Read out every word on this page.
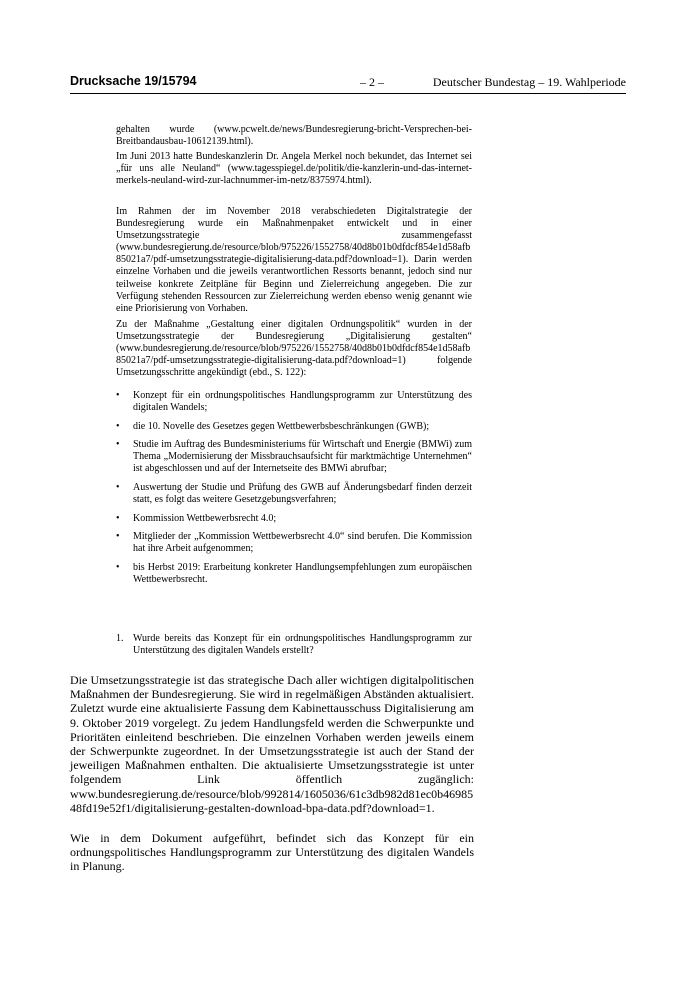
Drucksache 19/15794	– 2 –	Deutscher Bundestag – 19. Wahlperiode

gehalten wurde (www.pcwelt.de/news/Bundesregierung-bricht-Versprechen-bei-Breitbandausbau-10612139.html).

Im Juni 2013 hatte Bundeskanzlerin Dr. Angela Merkel noch bekundet, das Internet sei „für uns alle Neuland“ (www.tagesspiegel.de/politik/die-kanzlerin-und-das-internet-merkels-neuland-wird-zur-lachnummer-im-netz/8375974.html).

Im Rahmen der im November 2018 verabschiedeten Digitalstrategie der Bundesregierung wurde ein Maßnahmenpaket entwickelt und in einer Umsetzungsstrategie zusammengefasst (www.bundesregierung.de/resource/blob/975226/1552758/40d8b01b0dfdcf854e1d58afb85021a7/pdf-umsetzungsstrategie-digitalisierung-data.pdf?download=1). Darin werden einzelne Vorhaben und die jeweils verantwortlichen Ressorts benannt, jedoch sind nur teilweise konkrete Zeitpläne für Beginn und Zielerreichung angegeben. Die zur Verfügung stehenden Ressourcen zur Zielerreichung werden ebenso wenig genannt wie eine Priorisierung von Vorhaben.

Zu der Maßnahme „Gestaltung einer digitalen Ordnungspolitik“ wurden in der Umsetzungsstrategie der Bundesregierung „Digitalisierung gestalten“ (www.bundesregierung.de/resource/blob/975226/1552758/40d8b01b0dfdcf854e1d58afb85021a7/pdf-umsetzungsstrategie-digitalisierung-data.pdf?download=1) folgende Umsetzungsschritte angekündigt (ebd., S. 122):

• Konzept für ein ordnungspolitisches Handlungsprogramm zur Unterstützung des digitalen Wandels;
• die 10. Novelle des Gesetzes gegen Wettbewerbsbeschränkungen (GWB);
• Studie im Auftrag des Bundesministeriums für Wirtschaft und Energie (BMWi) zum Thema „Modernisierung der Missbrauchsaufsicht für marktmächtige Unternehmen“ ist abgeschlossen und auf der Internetseite des BMWi abrufbar;
• Auswertung der Studie und Prüfung des GWB auf Änderungsbedarf finden derzeit statt, es folgt das weitere Gesetzgebungsverfahren;
• Kommission Wettbewerbsrecht 4.0;
• Mitglieder der „Kommission Wettbewerbsrecht 4.0“ sind berufen. Die Kommission hat ihre Arbeit aufgenommen;
• bis Herbst 2019: Erarbeitung konkreter Handlungsempfehlungen zum europäischen Wettbewerbsrecht.
1. Wurde bereits das Konzept für ein ordnungspolitisches Handlungsprogramm zur Unterstützung des digitalen Wandels erstellt?

Die Umsetzungsstrategie ist das strategische Dach aller wichtigen digitalpolitischen Maßnahmen der Bundesregierung. Sie wird in regelmäßigen Abständen aktualisiert. Zuletzt wurde eine aktualisierte Fassung dem Kabinettausschuss Digitalisierung am 9. Oktober 2019 vorgelegt. Zu jedem Handlungsfeld werden die Schwerpunkte und Prioritäten einleitend beschrieben. Die einzelnen Vorhaben werden jeweils einem der Schwerpunkte zugeordnet. In der Umsetzungsstrategie ist auch der Stand der jeweiligen Maßnahmen enthalten. Die aktualisierte Umsetzungsstrategie ist unter folgendem Link öffentlich zugänglich: www.bundesregierung.de/resource/blob/992814/1605036/61c3db982d81ec0b4698548fd19e52f1/digitalisierung-gestalten-download-bpa-data.pdf?download=1.

Wie in dem Dokument aufgeführt, befindet sich das Konzept für ein ordnungspolitisches Handlungsprogramm zur Unterstützung des digitalen Wandels in Planung.
